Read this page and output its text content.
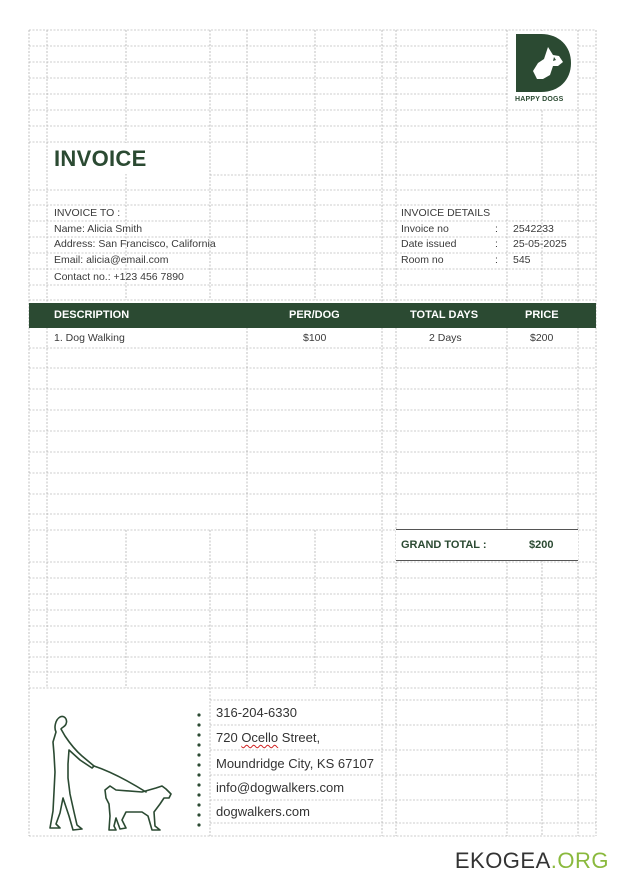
HAPPY DOGS
INVOICE
INVOICE TO :
Name: Alicia Smith
Address: San Francisco, California
Email: alicia@email.com
Contact no.: +123 456 7890
INVOICE DETAILS
Invoice no	: 2542233
Date issued	: 25-05-2025
Room no	: 545
DESCRIPTION	PER/DOG	TOTAL DAYS	PRICE
1. Dog Walking	$100	2 Days	$200
GRAND TOTAL :	$200
316-204-6330
720 Ocello Street,
Moundridge City, KS 67107
info@dogwalkers.com
dogwalkers.com
EKOGEA.ORG
